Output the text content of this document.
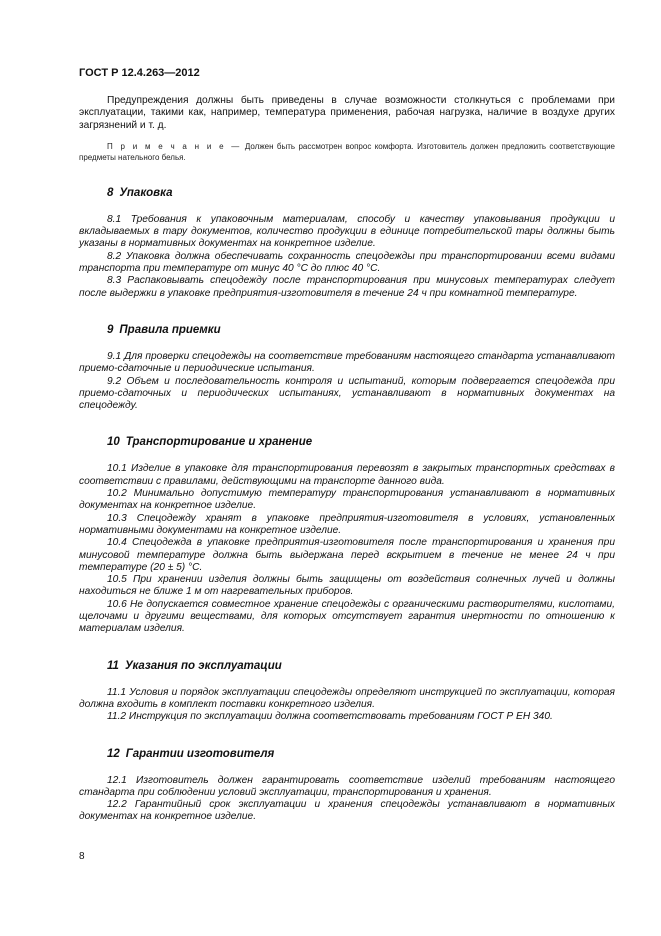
ГОСТ Р 12.4.263—2012

Предупреждения должны быть приведены в случае возможности столкнуться с проблемами при эксплуатации, такими как, например, температура применения, рабочая нагрузка, наличие в воздухе других загрязнений и т. д.

П р и м е ч а н и е — Должен быть рассмотрен вопрос комфорта. Изготовитель должен предложить соответствующие предметы нательного белья.

8 Упаковка

8.1 Требования к упаковочным материалам, способу и качеству упаковывания продукции и вкладываемых в тару документов, количество продукции в единице потребительской тары должны быть указаны в нормативных документах на конкретное изделие.

8.2 Упаковка должна обеспечивать сохранность спецодежды при транспортировании всеми видами транспорта при температуре от минус 40 °С до плюс 40 °С.

8.3 Распаковывать спецодежду после транспортирования при минусовых температурах следует после выдержки в упаковке предприятия-изготовителя в течение 24 ч при комнатной температуре.

9 Правила приемки

9.1 Для проверки спецодежды на соответствие требованиям настоящего стандарта устанавливают приемо-сдаточные и периодические испытания.

9.2 Объем и последовательность контроля и испытаний, которым подвергается спецодежда при приемо-сдаточных и периодических испытаниях, устанавливают в нормативных документах на спецодежду.

10 Транспортирование и хранение

10.1 Изделие в упаковке для транспортирования перевозят в закрытых транспортных средствах в соответствии с правилами, действующими на транспорте данного вида.

10.2 Минимально допустимую температуру транспортирования устанавливают в нормативных документах на конкретное изделие.

10.3 Спецодежду хранят в упаковке предприятия-изготовителя в условиях, установленных нормативными документами на конкретное изделие.

10.4 Спецодежда в упаковке предприятия-изготовителя после транспортирования и хранения при минусовой температуре должна быть выдержана перед вскрытием в течение не менее 24 ч при температуре (20 ± 5) °С.

10.5 При хранении изделия должны быть защищены от воздействия солнечных лучей и должны находиться не ближе 1 м от нагревательных приборов.

10.6 Не допускается совместное хранение спецодежды с органическими растворителями, кислотами, щелочами и другими веществами, для которых отсутствует гарантия инертности по отношению к материалам изделия.

11 Указания по эксплуатации

11.1 Условия и порядок эксплуатации спецодежды определяют инструкцией по эксплуатации, которая должна входить в комплект поставки конкретного изделия.

11.2 Инструкция по эксплуатации должна соответствовать требованиям ГОСТ Р ЕН 340.

12 Гарантии изготовителя

12.1 Изготовитель должен гарантировать соответствие изделий требованиям настоящего стандарта при соблюдении условий эксплуатации, транспортирования и хранения.

12.2 Гарантийный срок эксплуатации и хранения спецодежды устанавливают в нормативных документах на конкретное изделие.

8
